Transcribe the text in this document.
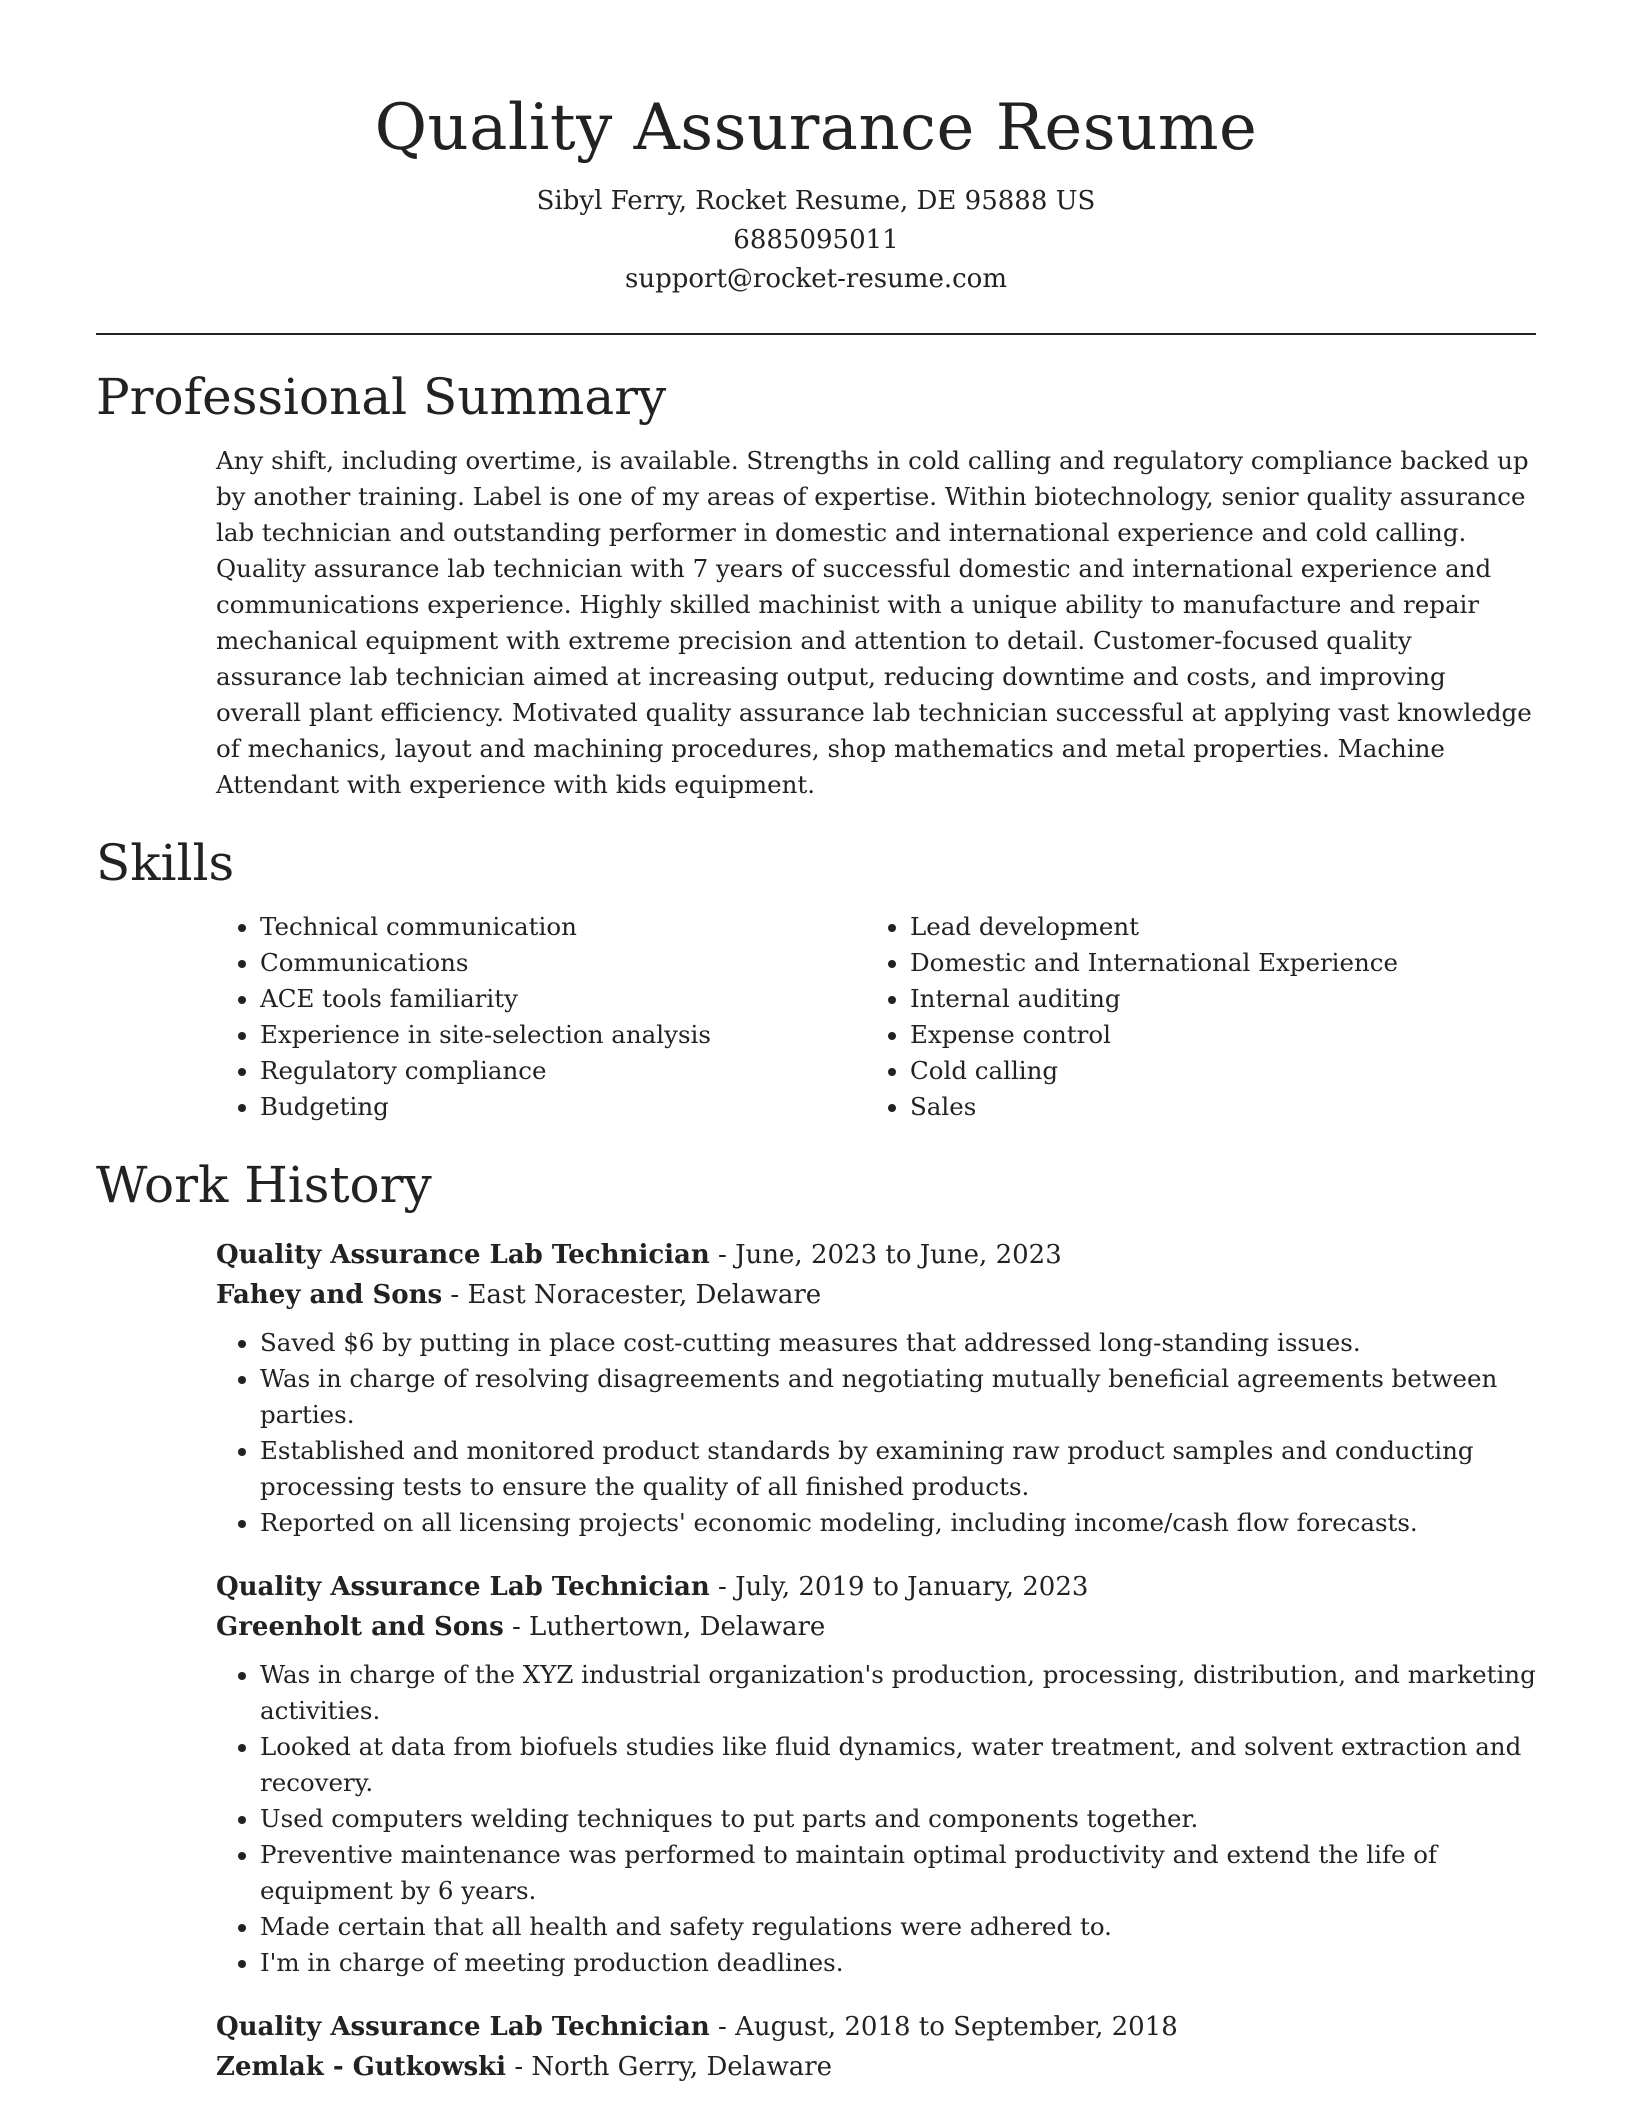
Quality Assurance Resume
Sibyl Ferry, Rocket Resume, DE 95888 US
6885095011
support@rocket-resume.com
Professional Summary

Any shift, including overtime, is available. Strengths in cold calling and regulatory compliance backed up by another training. Label is one of my areas of expertise. Within biotechnology, senior quality assurance lab technician and outstanding performer in domestic and international experience and cold calling. Quality assurance lab technician with 7 years of successful domestic and international experience and communications experience. Highly skilled machinist with a unique ability to manufacture and repair mechanical equipment with extreme precision and attention to detail. Customer-focused quality assurance lab technician aimed at increasing output, reducing downtime and costs, and improving overall plant efficiency. Motivated quality assurance lab technician successful at applying vast knowledge of mechanics, layout and machining procedures, shop mathematics and metal properties. Machine Attendant with experience with kids equipment.

Skills
• Technical communication
• Communications
• ACE tools familiarity
• Experience in site-selection analysis
• Regulatory compliance
• Budgeting
• Lead development
• Domestic and International Experience
• Internal auditing
• Expense control
• Cold calling
• Sales
Work History
Quality Assurance Lab Technician - June, 2023 to June, 2023
Fahey and Sons - East Noracester, Delaware
• Saved $6 by putting in place cost-cutting measures that addressed long-standing issues.
• Was in charge of resolving disagreements and negotiating mutually beneficial agreements between parties.
• Established and monitored product standards by examining raw product samples and conducting processing tests to ensure the quality of all finished products.
• Reported on all licensing projects' economic modeling, including income/cash flow forecasts.
Quality Assurance Lab Technician - July, 2019 to January, 2023
Greenholt and Sons - Luthertown, Delaware
• Was in charge of the XYZ industrial organization's production, processing, distribution, and marketing activities.
• Looked at data from biofuels studies like fluid dynamics, water treatment, and solvent extraction and recovery.
• Used computers welding techniques to put parts and components together.
• Preventive maintenance was performed to maintain optimal productivity and extend the life of equipment by 6 years.
• Made certain that all health and safety regulations were adhered to.
• I'm in charge of meeting production deadlines.
Quality Assurance Lab Technician - August, 2018 to September, 2018
Zemlak - Gutkowski - North Gerry, Delaware
